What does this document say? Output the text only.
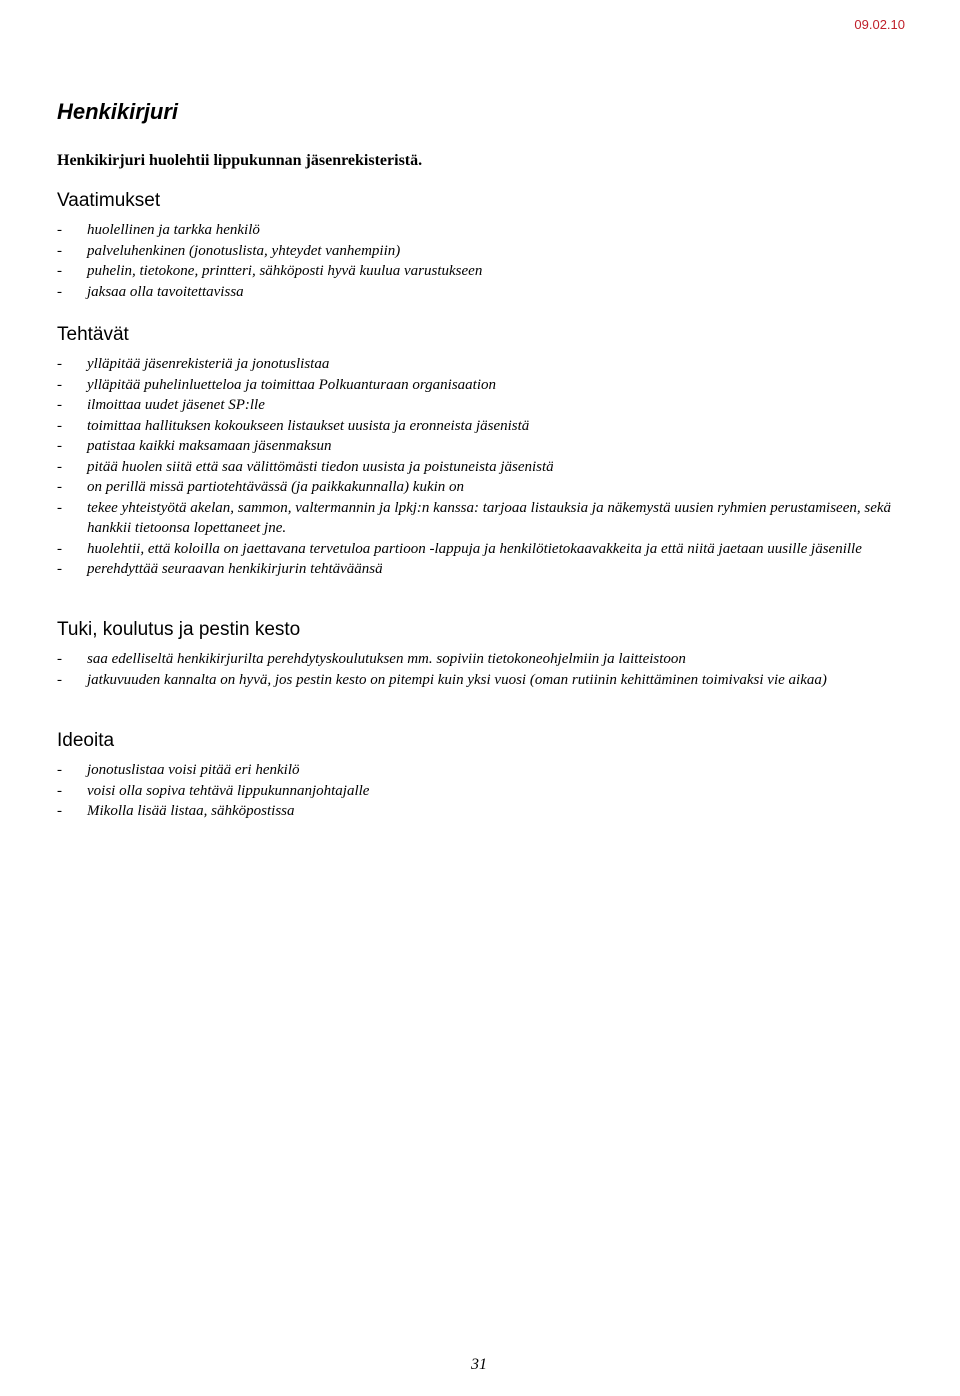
09.02.10
Henkikirjuri

Henkikirjuri huolehtii lippukunnan jäsenrekisteristä.

Vaatimukset
- huolellinen ja tarkka henkilö
- palveluhenkinen (jonotuslista, yhteydet vanhempiin)
- puhelin, tietokone, printteri, sähköposti hyvä kuulua varustukseen
- jaksaa olla tavoitettavissa
Tehtävät
- ylläpitää jäsenrekisteriä ja jonotuslistaa
- ylläpitää puhelinluetteloa ja toimittaa Polkuanturaan organisaation
- ilmoittaa uudet jäsenet SP:lle
- toimittaa hallituksen kokoukseen listaukset uusista ja eronneista jäsenistä
- patistaa kaikki maksamaan jäsenmaksun
- pitää huolen siitä että saa välittömästi tiedon uusista ja poistuneista jäsenistä
- on perillä missä partiotehtävässä (ja paikkakunnalla) kukin on
- tekee yhteistyötä akelan, sammon, valtermannin ja lpkj:n kanssa: tarjoaa listauksia ja näkemystä uusien ryhmien perustamiseen, sekä hankkii tietoonsa lopettaneet jne.
- huolehtii, että koloilla on jaettavana tervetuloa partioon -lappuja ja henkilötietokaavakkeita ja että niitä jaetaan uusille jäsenille
- perehdyttää seuraavan henkikirjurin tehtäväänsä
Tuki, koulutus ja pestin kesto
- saa edelliseltä henkikirjurilta perehdytyskoulutuksen mm. sopiviin tietokoneohjelmiin ja laitteistoon
- jatkuvuuden kannalta on hyvä, jos pestin kesto on pitempi kuin yksi vuosi (oman rutiinin kehittäminen toimivaksi vie aikaa)
Ideoita
- jonotuslistaa voisi pitää eri henkilö
- voisi olla sopiva tehtävä lippukunnanjohtajalle
- Mikolla lisää listaa, sähköpostissa
31
